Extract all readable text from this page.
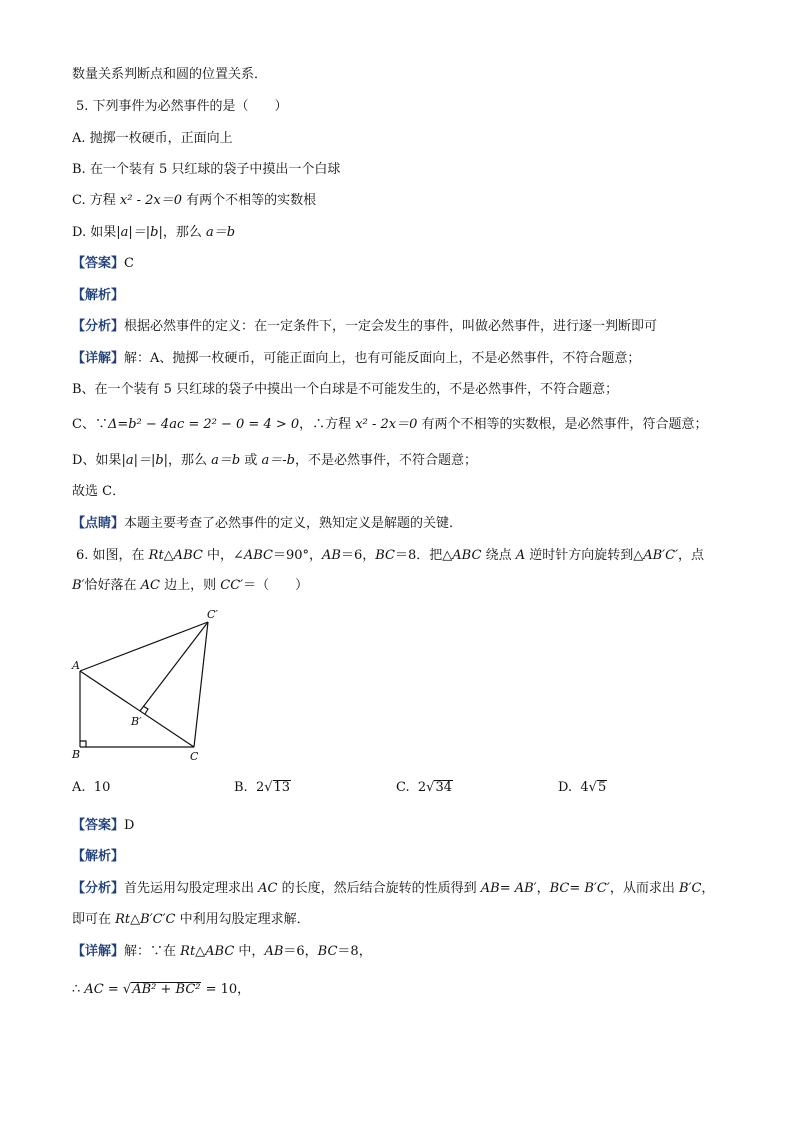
数量关系判断点和圆的位置关系．
5. 下列事件为必然事件的是（　　）
A. 抛掷一枚硬币，正面向上
B. 在一个装有 5 只红球的袋子中摸出一个白球
C. 方程 x² - 2x＝0 有两个不相等的实数根
D. 如果|a|＝|b|，那么 a＝b
【答案】C
【解析】
【分析】根据必然事件的定义：在一定条件下，一定会发生的事件，叫做必然事件，进行逐一判断即可
【详解】解：A、抛掷一枚硬币，可能正面向上，也有可能反面向上，不是必然事件，不符合题意；
B、在一个装有 5 只红球的袋子中摸出一个白球是不可能发生的，不是必然事件，不符合题意；
C、∵Δ=b² − 4ac = 2² − 0 = 4 > 0，∴方程 x² - 2x＝0 有两个不相等的实数根，是必然事件，符合题意；
D、如果|a|＝|b|，那么 a＝b 或 a＝-b，不是必然事件，不符合题意；
故选 C．
【点睛】本题主要考查了必然事件的定义，熟知定义是解题的关键．
6. 如图，在 Rt△ABC 中，∠ABC＝90°，AB＝6，BC＝8．把△ABC 绕点 A 逆时针方向旋转到△AB′C′，点
B′恰好落在 AC 边上，则 CC′＝（　　）
A
B	C
B′
C′
A. 10	B. 2√13	C. 2√34	D. 4√5
【答案】D
【解析】
【分析】首先运用勾股定理求出 AC 的长度，然后结合旋转的性质得到 AB= AB′，BC= B′C′，从而求出 B′C，
即可在 Rt△B′C′C 中利用勾股定理求解．
【详解】解：∵在 Rt△ABC 中，AB＝6，BC＝8，
∴ AC = √AB² + BC² = 10，
